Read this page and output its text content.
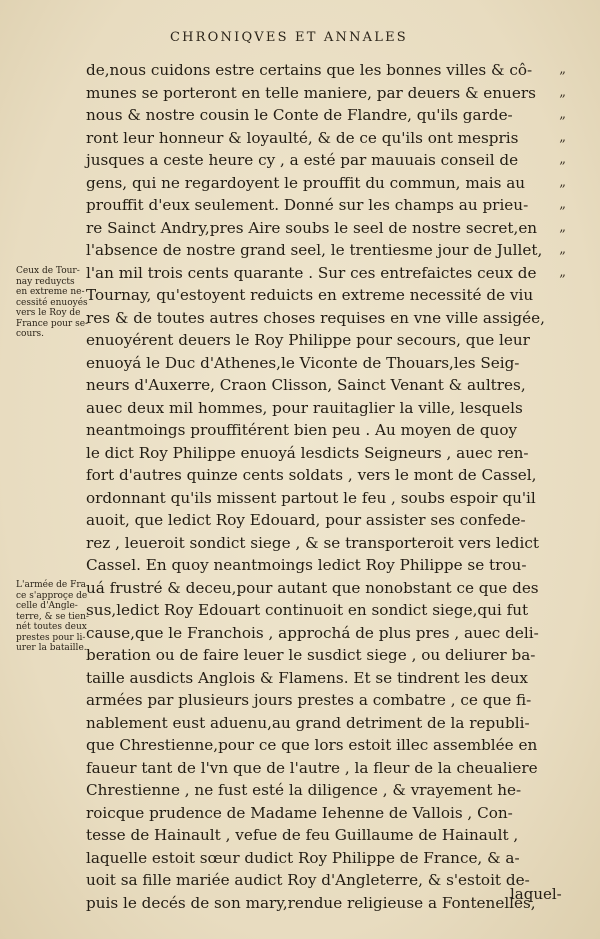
CHRONIQVES ET ANNALES
Ceux de Tour-
nay reduycts
en extreme ne-
cessité enuoyés
vers le Roy de
France pour se-
cours.
L'armée de Fra
ce s'approçe de
celle d'Angle-
terre, & se tien-
nét toutes deux
prestes pour li-
urer la bataille.
de,nous cuidons estre certains que les bonnes villes & cô-	„
munes se porteront en telle maniere, par deuers & enuers	„
nous & nostre cousin le Conte de Flandre, qu'ils garde-	„
ront leur honneur & loyaulté, & de ce qu'ils ont mespris	„
jusques a ceste heure cy , a esté par mauuais conseil de	„
gens, qui ne regardoyent le prouffit du commun, mais au	„
prouffit d'eux seulement. Donné sur les champs au prieu-	„
re Sainct Andry,pres Aire soubs le seel de nostre secret,en	„
l'absence de nostre grand seel, le trentiesme jour de Jullet,	„
l'an mil trois cents quarante . Sur ces entrefaictes ceux de	„
Tournay, qu'estoyent reduicts en extreme necessité de viu
res & de toutes autres choses requises en vne ville assigée,
enuoyérent deuers le Roy Philippe pour secours, que leur
enuoyá le Duc d'Athenes,le Viconte de Thouars,les Seig-
neurs d'Auxerre, Craon Clisson, Sainct Venant & aultres,
auec deux mil hommes, pour rauitaglier la ville, lesquels
neantmoings prouffitérent bien peu . Au moyen de quoy
le dict Roy Philippe enuoyá lesdicts Seigneurs , auec ren-
fort d'autres quinze cents soldats , vers le mont de Cassel,
ordonnant qu'ils missent partout le feu , soubs espoir qu'il
auoit, que ledict Roy Edouard, pour assister ses confede-
rez , leueroit sondict siege , & se transporteroit vers ledict
Cassel. En quoy neantmoings ledict Roy Philippe se trou-
uá frustré & deceu,pour autant que nonobstant ce que des
sus,ledict Roy Edouart continuoit en sondict siege,qui fut
cause,que le Franchois , approchá de plus pres , auec deli-
beration ou de faire leuer le susdict siege , ou deliurer ba-
taille ausdicts Anglois & Flamens. Et se tindrent les deux
armées par plusieurs jours prestes a combatre , ce que fi-
nablement eust aduenu,au grand detriment de la republi-
que Chrestienne,pour ce que lors estoit illec assemblée en
faueur tant de l'vn que de l'autre , la fleur de la cheualiere
Chrestienne , ne fust esté la diligence , & vrayement he-
roicque prudence de Madame Iehenne de Vallois , Con-
tesse de Hainault , vefue de feu Guillaume de Hainault ,
laquelle estoit sœur dudict Roy Philippe de France, & a-
uoit sa fille mariée audict Roy d'Angleterre, & s'estoit de-
puis le decés de son mary,rendue religieuse a Fontenelles,
laquel-
